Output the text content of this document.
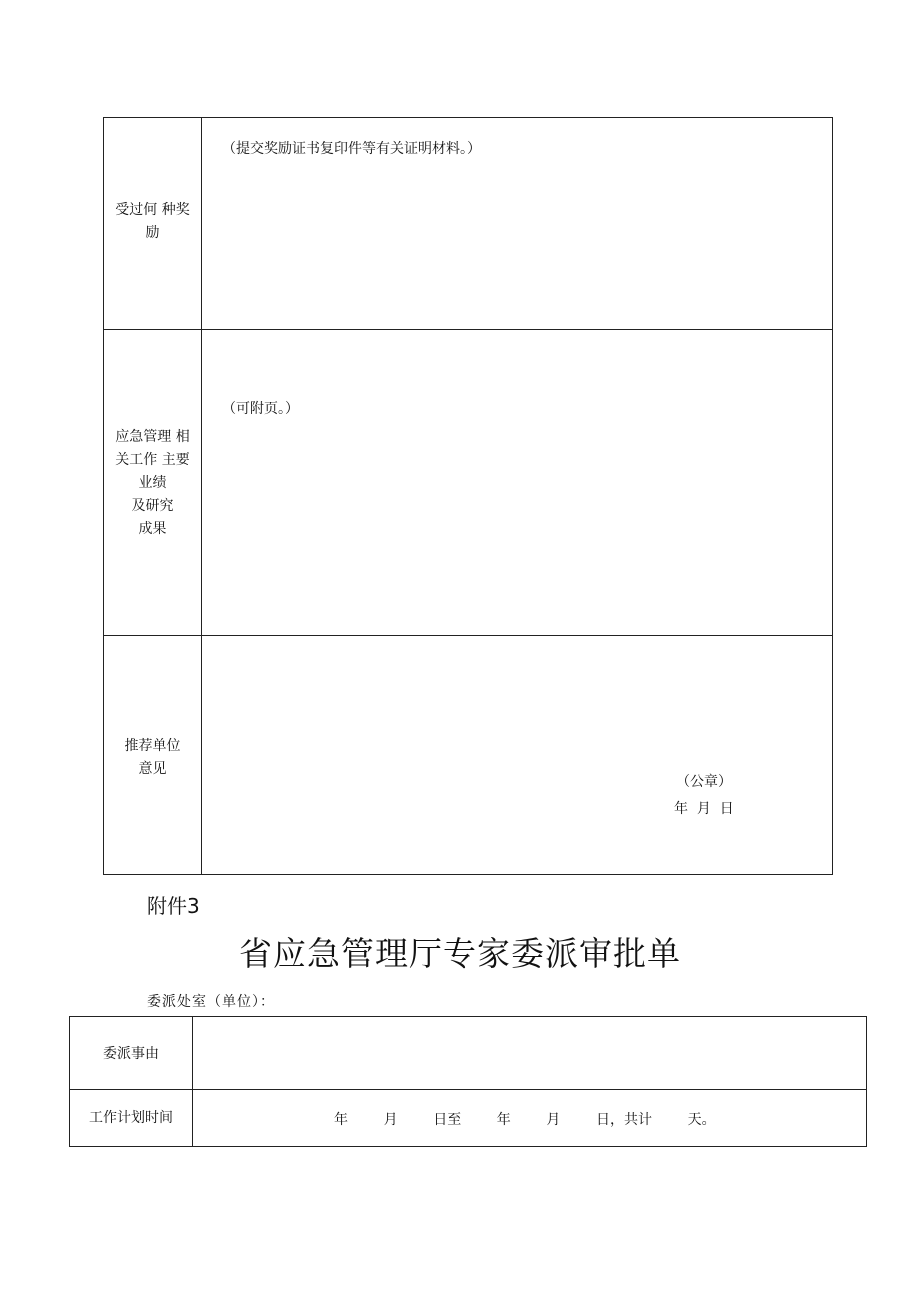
受过何 种奖
励
（提交奖励证书复印件等有关证明材料。）
应急管理 相
关工作 主要
业绩
及研究
成果
（可附页。）
推荐单位
意见
（公章）
年  月  日
附件3
省应急管理厅专家委派审批单
委派处室（单位）：
委派事由
工作计划时间	年        月        日至        年        月        日，共计        天。
